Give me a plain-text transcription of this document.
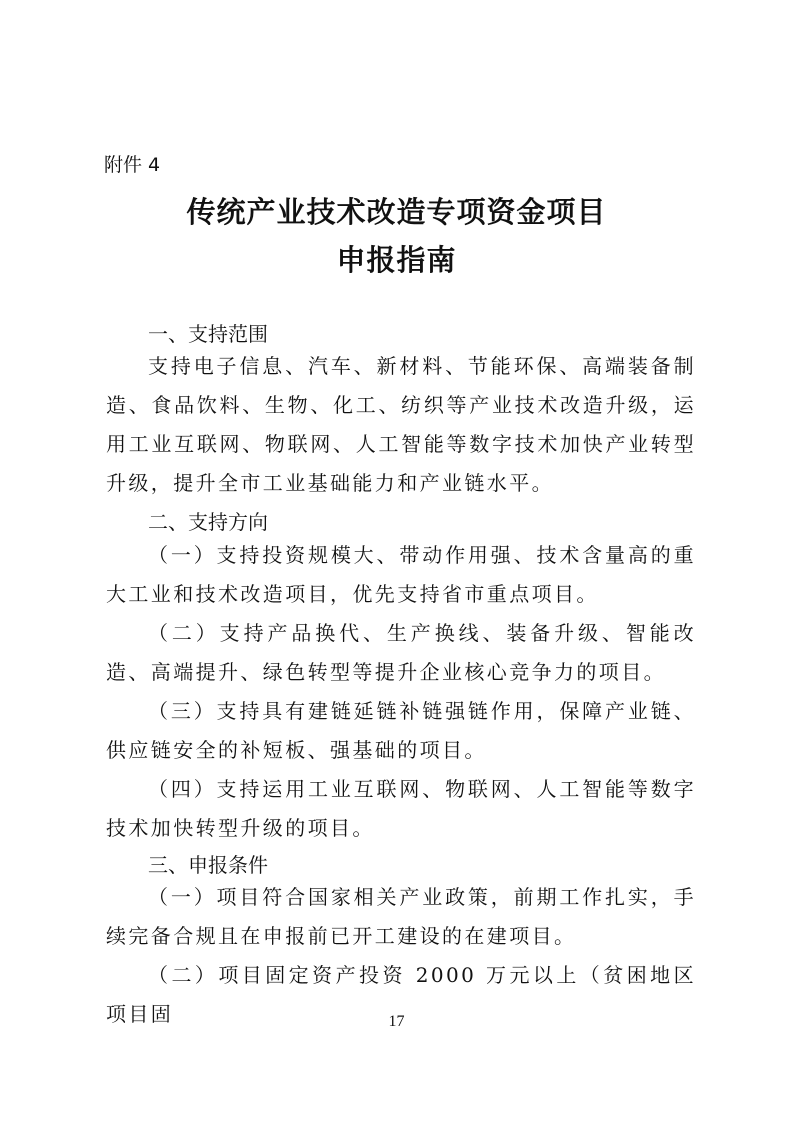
附件 4
传统产业技术改造专项资金项目
申报指南
一、支持范围

支持电子信息、汽车、新材料、节能环保、高端装备制造、食品饮料、生物、化工、纺织等产业技术改造升级，运用工业互联网、物联网、人工智能等数字技术加快产业转型升级，提升全市工业基础能力和产业链水平。

二、支持方向

（一）支持投资规模大、带动作用强、技术含量高的重大工业和技术改造项目，优先支持省市重点项目。

（二）支持产品换代、生产换线、装备升级、智能改造、高端提升、绿色转型等提升企业核心竞争力的项目。

（三）支持具有建链延链补链强链作用，保障产业链、供应链安全的补短板、强基础的项目。

（四）支持运用工业互联网、物联网、人工智能等数字技术加快转型升级的项目。

三、申报条件

（一）项目符合国家相关产业政策，前期工作扎实，手续完备合规且在申报前已开工建设的在建项目。

（二）项目固定资产投资 2000 万元以上（贫困地区项目固	17
